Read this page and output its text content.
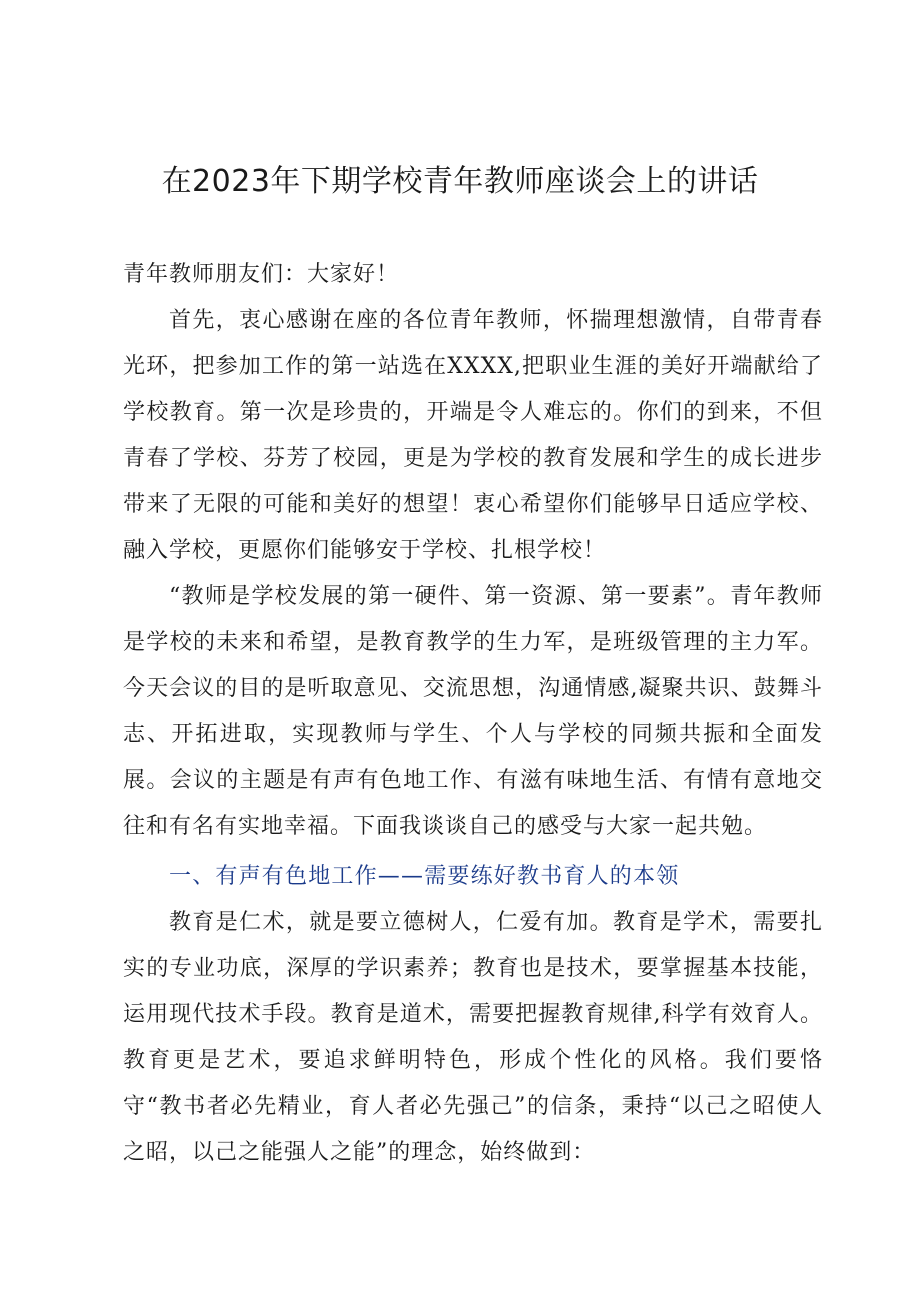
在2023年下期学校青年教师座谈会上的讲话

青年教师朋友们：大家好！

首先，衷心感谢在座的各位青年教师，怀揣理想激情，自带青春光环，把参加工作的第一站选在XXXX,把职业生涯的美好开端献给了学校教育。第一次是珍贵的，开端是令人难忘的。你们的到来，不但青春了学校、芬芳了校园，更是为学校的教育发展和学生的成长进步带来了无限的可能和美好的想望！衷心希望你们能够早日适应学校、融入学校，更愿你们能够安于学校、扎根学校！

“教师是学校发展的第一硬件、第一资源、第一要素”。青年教师是学校的未来和希望，是教育教学的生力军，是班级管理的主力军。今天会议的目的是听取意见、交流思想，沟通情感,凝聚共识、鼓舞斗志、开拓进取，实现教师与学生、个人与学校的同频共振和全面发展。会议的主题是有声有色地工作、有滋有味地生活、有情有意地交往和有名有实地幸福。下面我谈谈自己的感受与大家一起共勉。

一、有声有色地工作——需要练好教书育人的本领

教育是仁术，就是要立德树人，仁爱有加。教育是学术，需要扎实的专业功底，深厚的学识素养；教育也是技术，要掌握基本技能，运用现代技术手段。教育是道术，需要把握教育规律,科学有效育人。教育更是艺术，要追求鲜明特色，形成个性化的风格。我们要恪守“教书者必先精业，育人者必先强己”的信条，秉持“以己之昭使人之昭，以己之能强人之能”的理念，始终做到：
